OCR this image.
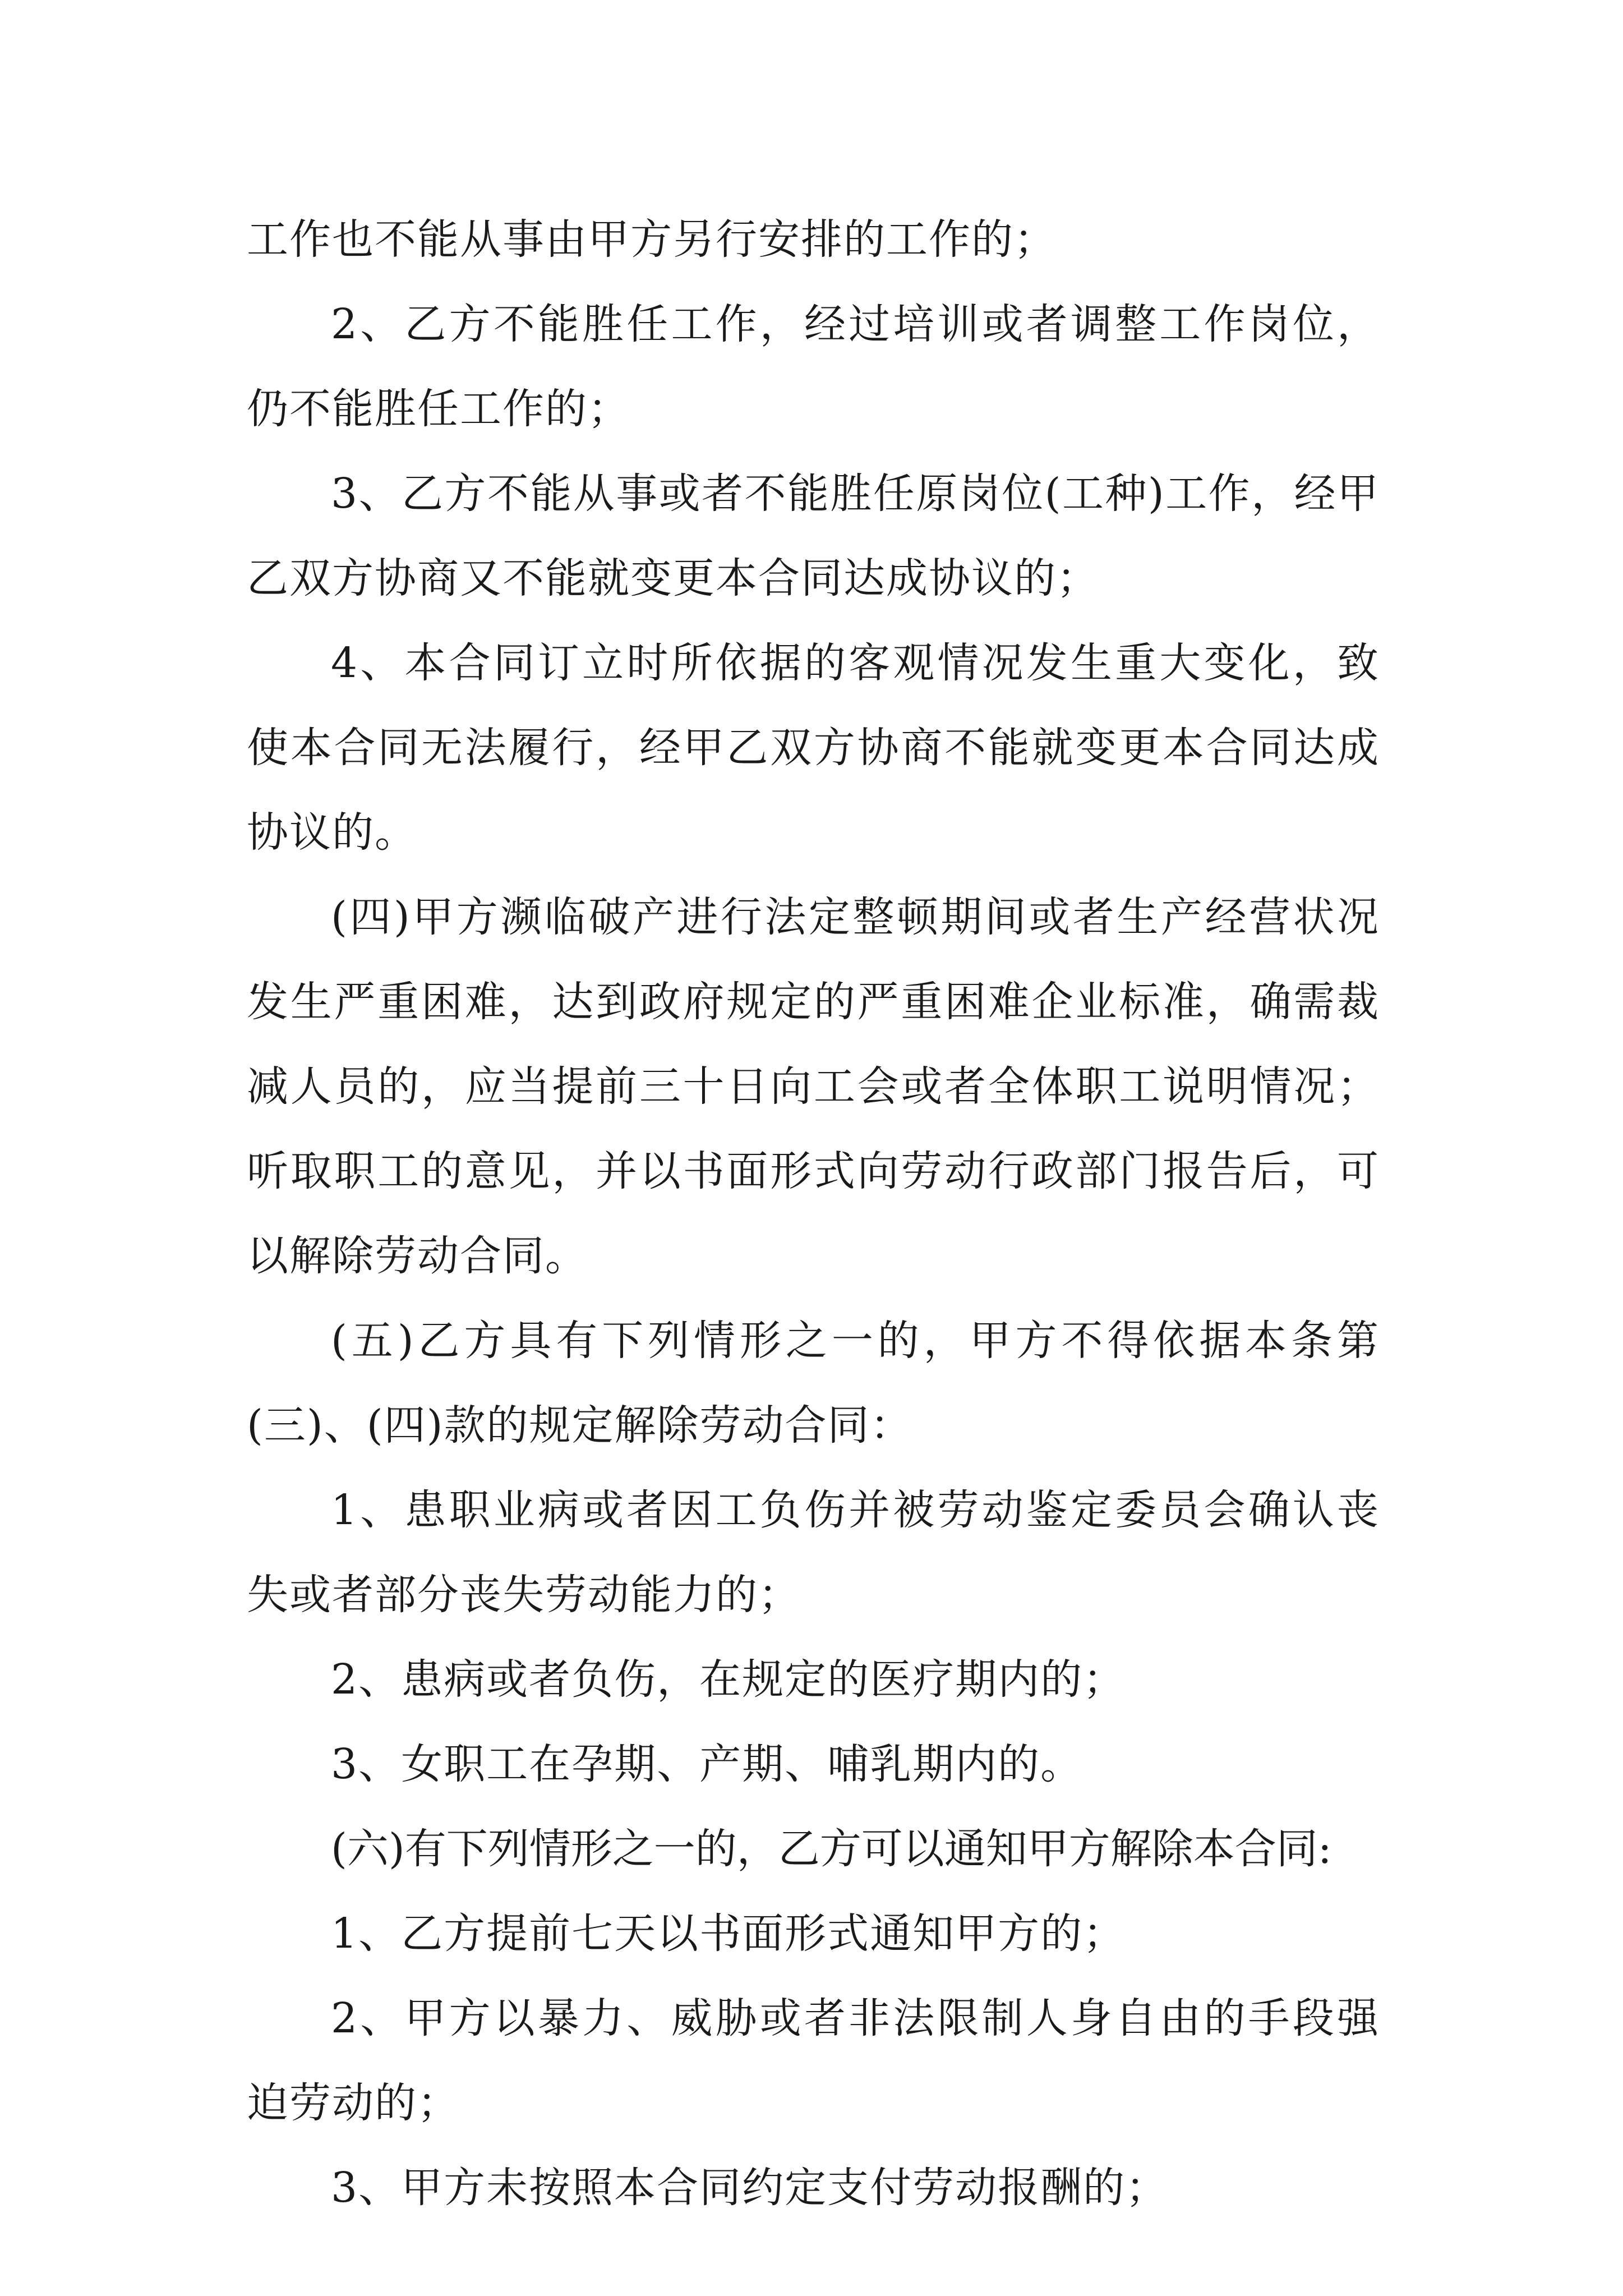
工作也不能从事由甲方另行安排的工作的；

2、乙方不能胜任工作，经过培训或者调整工作岗位，仍不能胜任工作的；

3、乙方不能从事或者不能胜任原岗位(工种)工作，经甲乙双方协商又不能就变更本合同达成协议的；

4、本合同订立时所依据的客观情况发生重大变化，致使本合同无法履行，经甲乙双方协商不能就变更本合同达成协议的。

(四)甲方濒临破产进行法定整顿期间或者生产经营状况发生严重困难，达到政府规定的严重困难企业标准，确需裁减人员的，应当提前三十日向工会或者全体职工说明情况；听取职工的意见，并以书面形式向劳动行政部门报告后，可以解除劳动合同。

(五)乙方具有下列情形之一的，甲方不得依据本条第(三)、(四)款的规定解除劳动合同：

1、患职业病或者因工负伤并被劳动鉴定委员会确认丧失或者部分丧失劳动能力的；

2、患病或者负伤，在规定的医疗期内的；

3、女职工在孕期、产期、哺乳期内的。

(六)有下列情形之一的，乙方可以通知甲方解除本合同:

1、乙方提前七天以书面形式通知甲方的；

2、甲方以暴力、威胁或者非法限制人身自由的手段强迫劳动的；

3、甲方未按照本合同约定支付劳动报酬的；
